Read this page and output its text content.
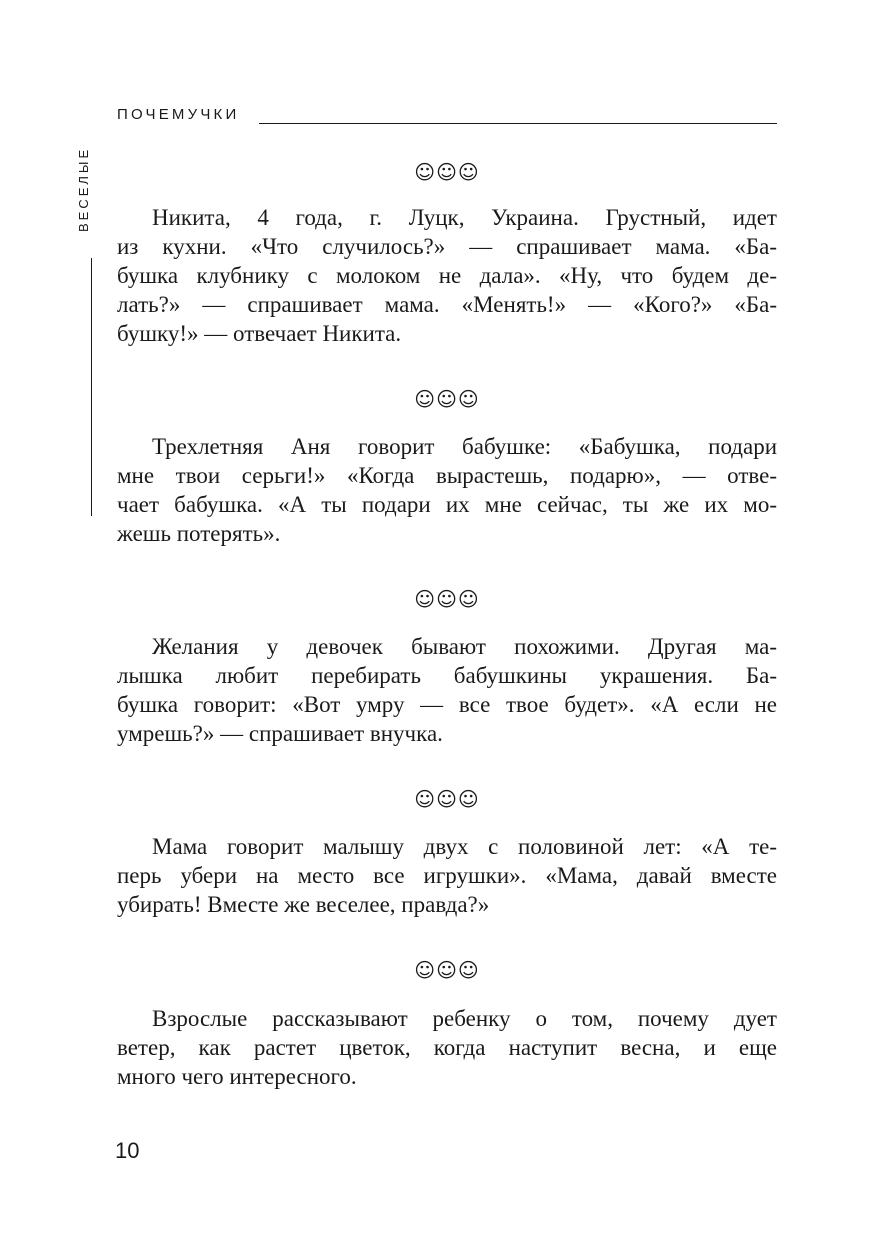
ПОЧЕМУЧКИ
ВЕСЕЛЫЕ	☺☺☺
Никита, 4 года, г. Луцк, Украина. Грустный, идет
из кухни. «Что случилось?» — спрашивает мама. «Ба-
бушка клубнику с молоком не дала». «Ну, что будем де-
лать?» — спрашивает мама. «Менять!» — «Кого?» «Ба-
бушку!» — отвечает Никита.
☺☺☺
Трехлетняя Аня говорит бабушке: «Бабушка, подари
мне твои серьги!» «Когда вырастешь, подарю», — отве-
чает бабушка. «А ты подари их мне сейчас, ты же их мо-
жешь потерять».
☺☺☺
Желания у девочек бывают похожими. Другая ма-
лышка любит перебирать бабушкины украшения. Ба-
бушка говорит: «Вот умру — все твое будет». «А если не
умрешь?» — спрашивает внучка.
☺☺☺
Мама говорит малышу двух с половиной лет: «А те-
перь убери на место все игрушки». «Мама, давай вместе
убирать! Вместе же веселее, правда?»
☺☺☺
Взрослые рассказывают ребенку о том, почему дует
ветер, как растет цветок, когда наступит весна, и еще
много чего интересного.
10
